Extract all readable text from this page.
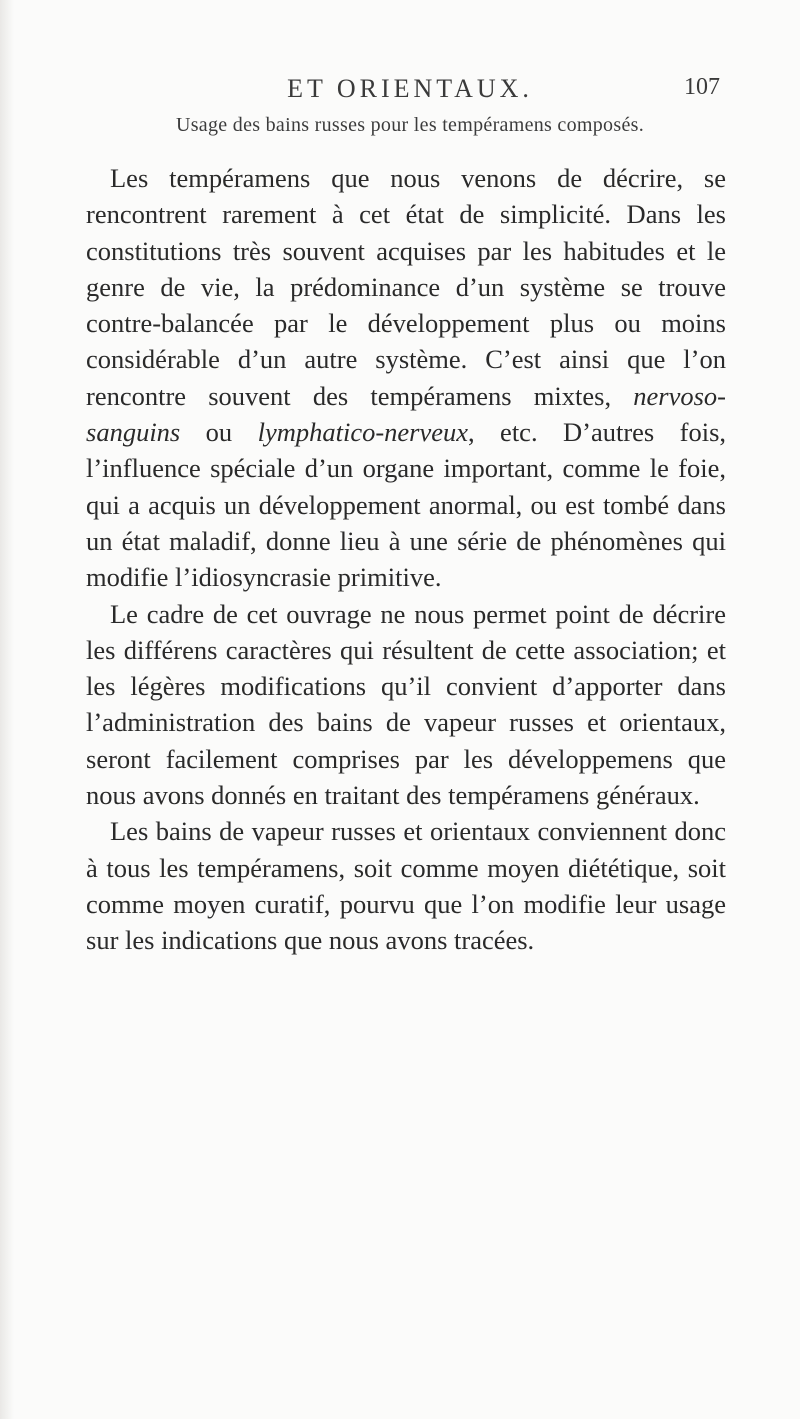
ET ORIENTAUX.	107
Usage des bains russes pour les tempéramens composés.

Les tempéramens que nous venons de décrire, se rencontrent rarement à cet état de simplicité. Dans les constitutions très souvent acquises par les habitudes et le genre de vie, la prédominance d’un système se trouve contre-balancée par le développement plus ou moins considérable d’un autre système. C’est ainsi que l’on rencontre souvent des tempéramens mixtes, nervoso-sanguins ou lymphatico-nerveux, etc. D’autres fois, l’influence spéciale d’un organe important, comme le foie, qui a acquis un développement anormal, ou est tombé dans un état maladif, donne lieu à une série de phénomènes qui modifie l’idiosyncrasie primitive.

Le cadre de cet ouvrage ne nous permet point de décrire les différens caractères qui résultent de cette association; et les légères modifications qu’il convient d’apporter dans l’administration des bains de vapeur russes et orientaux, seront facilement comprises par les développemens que nous avons donnés en traitant des tempéramens généraux.

Les bains de vapeur russes et orientaux conviennent donc à tous les tempéramens, soit comme moyen diététique, soit comme moyen curatif, pourvu que l’on modifie leur usage sur les indications que nous avons tracées.
